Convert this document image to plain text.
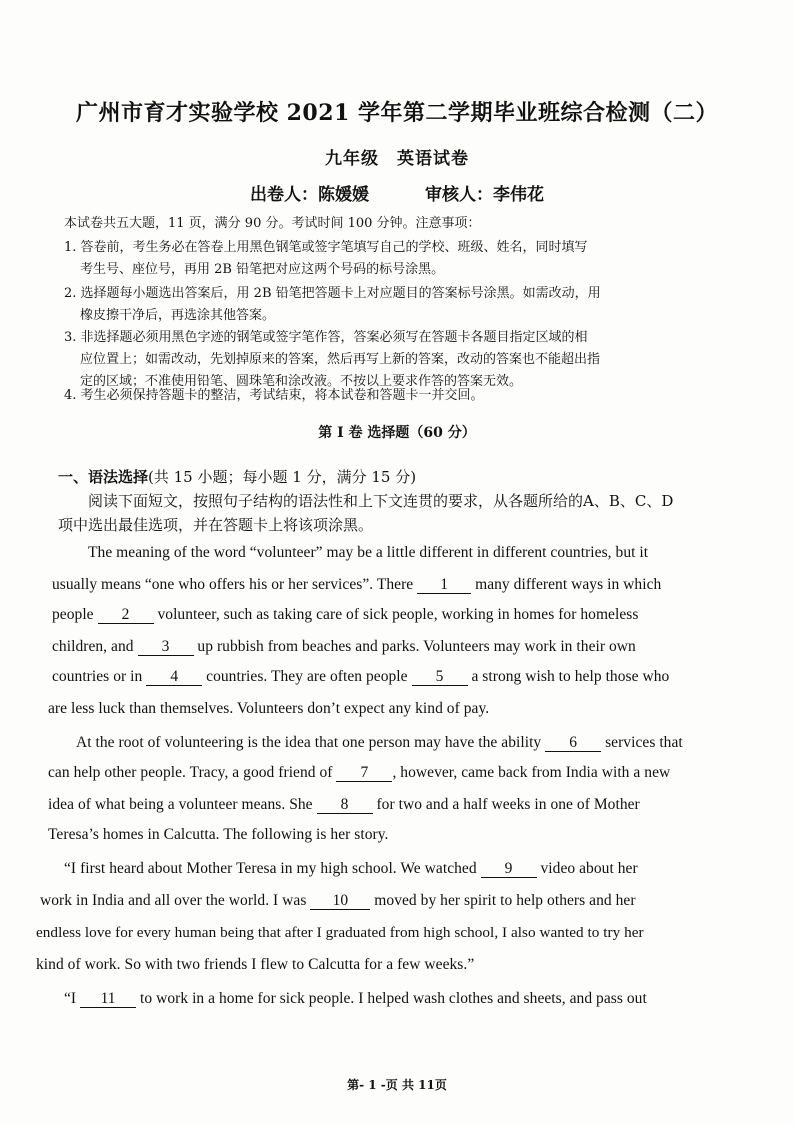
广州市育才实验学校 2021 学年第二学期毕业班综合检测（二）
九年级 英语试卷
出卷人：陈媛媛	审核人：李伟花
本试卷共五大题，11 页，满分 90 分。考试时间 100 分钟。注意事项：
1. 答卷前，考生务必在答卷上用黑色钢笔或签字笔填写自己的学校、班级、姓名，同时填写
考生号、座位号，再用 2B 铅笔把对应这两个号码的标号涂黑。
2. 选择题每小题选出答案后，用 2B 铅笔把答题卡上对应题目的答案标号涂黑。如需改动，用
橡皮擦干净后，再选涂其他答案。
3. 非选择题必须用黑色字迹的钢笔或签字笔作答，答案必须写在答题卡各题目指定区域的相
应位置上；如需改动，先划掉原来的答案，然后再写上新的答案，改动的答案也不能超出指
定的区域；不准使用铅笔、圆珠笔和涂改液。不按以上要求作答的答案无效。
4. 考生必须保持答题卡的整洁，考试结束，将本试卷和答题卡一并交回。
第 I 卷 选择题（60 分）
一、语法选择(共 15 小题；每小题 1 分，满分 15 分)
阅读下面短文，按照句子结构的语法性和上下文连贯的要求，从各题所给的A、B、C、D
项中选出最佳选项，并在答题卡上将该项涂黑。
The meaning of the word “volunteer” may be a little different in different countries, but it
usually means “one who offers his or her services”. There 1 many different ways in which
people 2 volunteer, such as taking care of sick people, working in homes for homeless
children, and 3 up rubbish from beaches and parks. Volunteers may work in their own
countries or in 4 countries. They are often people 5 a strong wish to help those who
are less luck than themselves. Volunteers don’t expect any kind of pay.
At the root of volunteering is the idea that one person may have the ability 6 services that
can help other people. Tracy, a good friend of 7 , however, came back from India with a new
idea of what being a volunteer means. She 8 for two and a half weeks in one of Mother
Teresa’s homes in Calcutta. The following is her story.
“I first heard about Mother Teresa in my high school. We watched 9 video about her
work in India and all over the world. I was 10 moved by her spirit to help others and her
endless love for every human being that after I graduated from high school, I also wanted to try her
kind of work. So with two friends I flew to Calcutta for a few weeks.”
“I 11 to work in a home for sick people. I helped wash clothes and sheets, and pass out
第- 1 -页 共 11页
